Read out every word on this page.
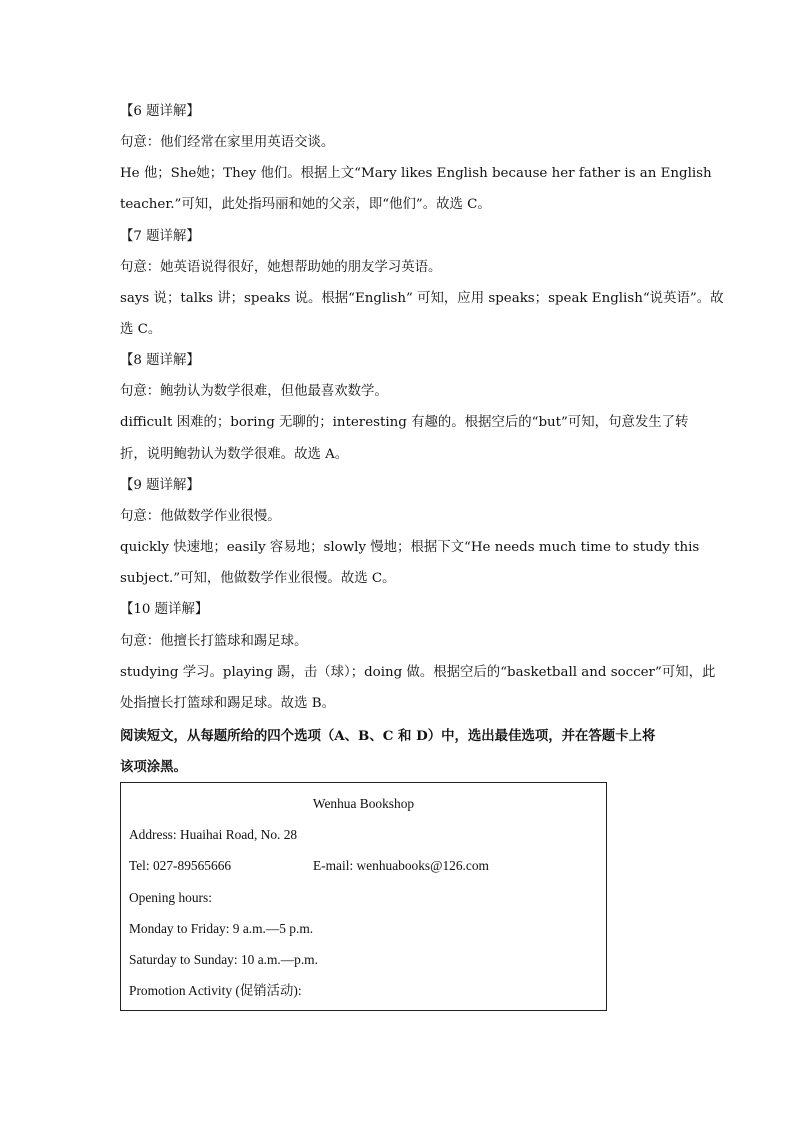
【6 题详解】
句意：他们经常在家里用英语交谈。
He 他；She她；They 他们。根据上文“Mary likes English because her father is an English
teacher.”可知，此处指玛丽和她的父亲，即“他们”。故选 C。
【7 题详解】
句意：她英语说得很好，她想帮助她的朋友学习英语。
says 说；talks 讲；speaks 说。根据“English” 可知，应用 speaks；speak English“说英语”。故
选 C。
【8 题详解】
句意：鲍勃认为数学很难，但他最喜欢数学。
difficult 困难的；boring 无聊的；interesting 有趣的。根据空后的“but”可知，句意发生了转
折，说明鲍勃认为数学很难。故选 A。
【9 题详解】
句意：他做数学作业很慢。
quickly 快速地；easily 容易地；slowly 慢地；根据下文“He needs much time to study this
subject.”可知，他做数学作业很慢。故选 C。
【10 题详解】
句意：他擅长打篮球和踢足球。
studying 学习。playing 踢，击（球）；doing 做。根据空后的“basketball and soccer”可知，此
处指擅长打篮球和踢足球。故选 B。
阅读短文，从每题所给的四个选项（A、B、C 和 D）中，选出最佳选项，并在答题卡上将
该项涂黑。
Wenhua Bookshop
Address: Huaihai Road, No. 28
Tel: 027-89565666	E-mail: wenhuabooks@126.com
Opening hours:
Monday to Friday: 9 a.m.—5 p.m.
Saturday to Sunday: 10 a.m.—p.m.
Promotion Activity (促销活动):
